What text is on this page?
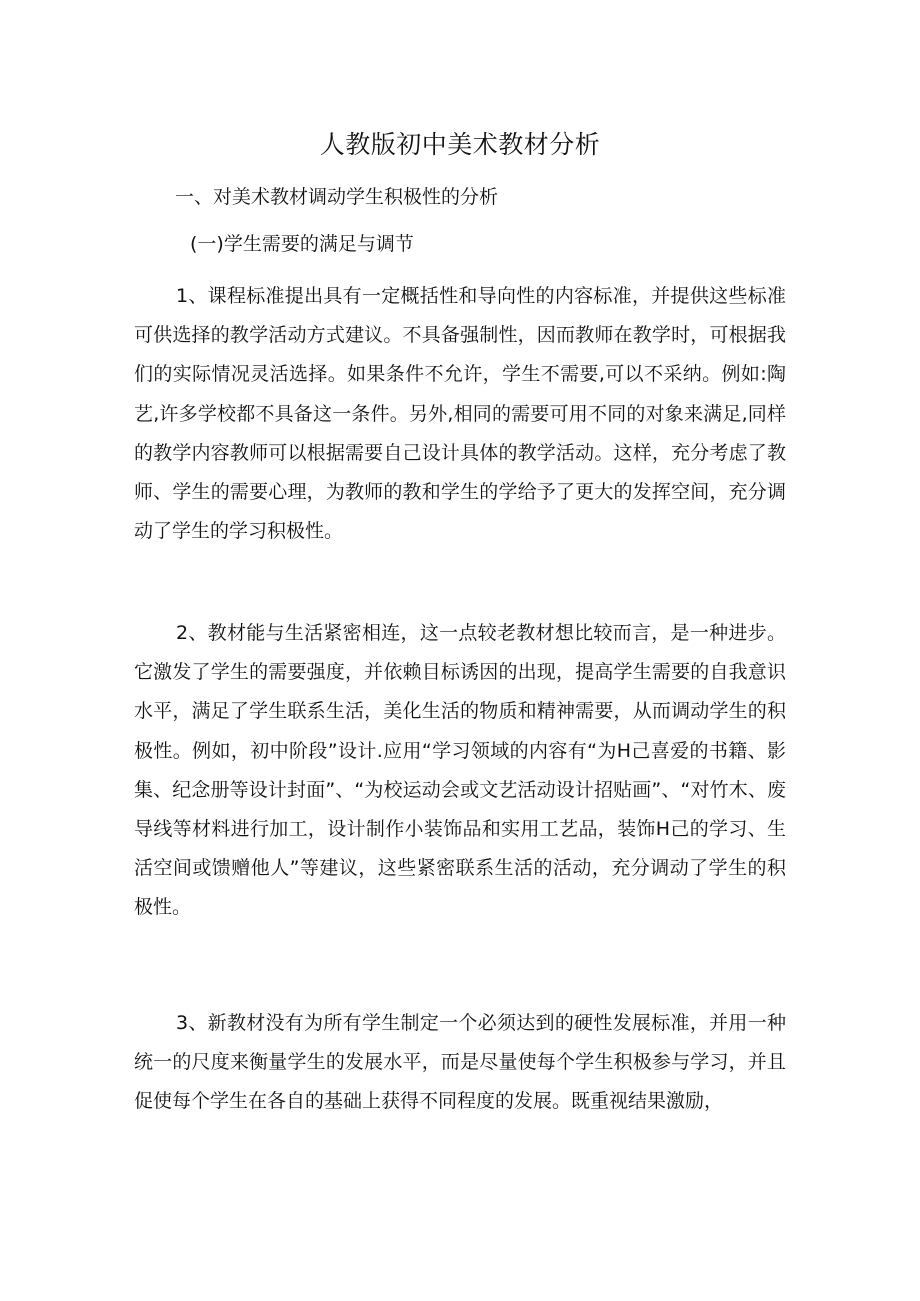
人教版初中美术教材分析
一、对美术教材调动学生积极性的分析
(一)学生需要的满足与调节

1、课程标准提出具有一定概括性和导向性的内容标准，并提供这些标准可供选择的教学活动方式建议。不具备强制性，因而教师在教学时，可根据我们的实际情况灵活选择。如果条件不允许，学生不需要,可以不采纳。例如:陶艺,许多学校都不具备这一条件。另外,相同的需要可用不同的对象来满足,同样的教学内容教师可以根据需要自己设计具体的教学活动。这样，充分考虑了教师、学生的需要心理，为教师的教和学生的学给予了更大的发挥空间，充分调动了学生的学习积极性。

2、教材能与生活紧密相连，这一点较老教材想比较而言，是一种进步。它激发了学生的需要强度，并依赖目标诱因的出现，提高学生需要的自我意识水平，满足了学生联系生活，美化生活的物质和精神需要，从而调动学生的积极性。例如，初中阶段”设计.应用“学习领域的内容有“为H己喜爱的书籍、影集、纪念册等设计封面”、“为校运动会或文艺活动设计招贴画”、“对竹木、废导线等材料进行加工，设计制作小装饰品和实用工艺品，装饰H己的学习、生活空间或馈赠他人”等建议，这些紧密联系生活的活动，充分调动了学生的积极性。

3、新教材没有为所有学生制定一个必须达到的硬性发展标准，并用一种统一的尺度来衡量学生的发展水平，而是尽量使每个学生积极参与学习，并且促使每个学生在各自的基础上获得不同程度的发展。既重视结果激励，
